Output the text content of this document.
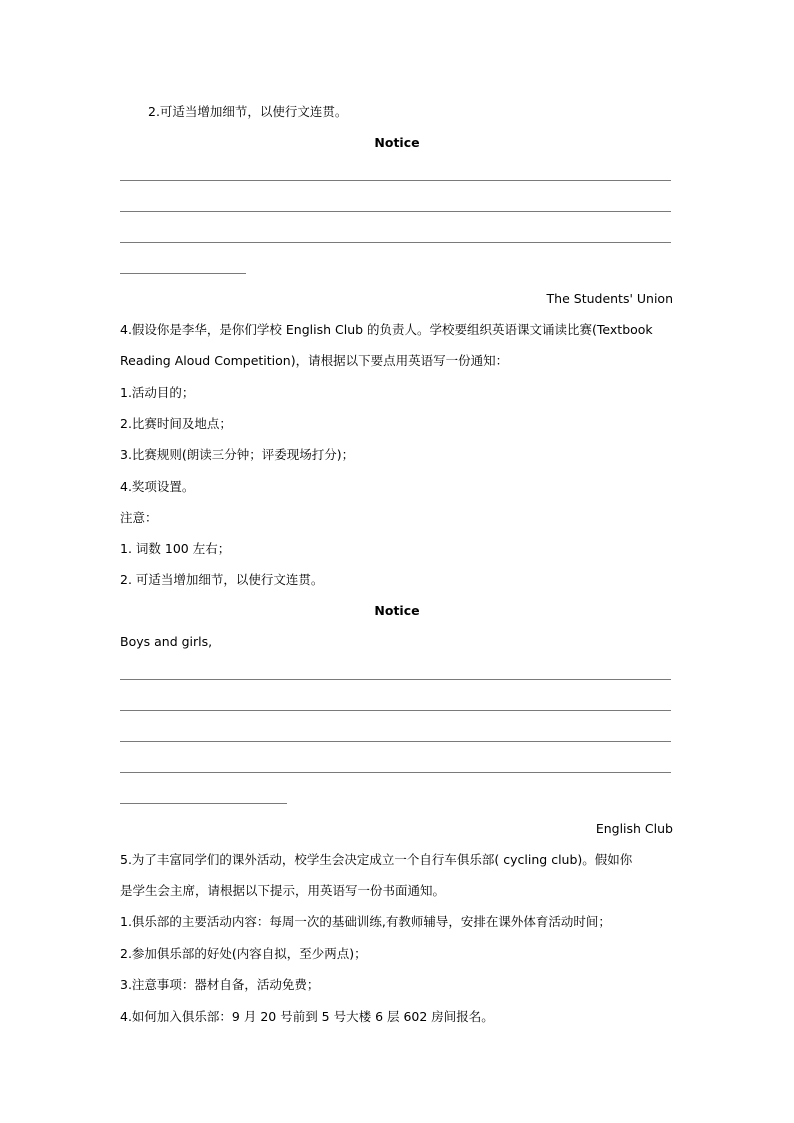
2.可适当增加细节，以使行文连贯。
Notice
The Students' Union
4.假设你是李华，是你们学校 English Club 的负责人。学校要组织英语课文诵读比赛(Textbook
Reading Aloud Competition)，请根据以下要点用英语写一份通知：
1.活动目的；
2.比赛时间及地点；
3.比赛规则(朗读三分钟；评委现场打分)；
4.奖项设置。
注意：
1. 词数 100 左右；
2. 可适当增加细节，以使行文连贯。
Notice
Boys and girls,
English Club
5.为了丰富同学们的课外活动，校学生会决定成立一个自行车俱乐部( cycling club)。假如你
是学生会主席，请根据以下提示，用英语写一份书面通知。
1.俱乐部的主要活动内容：每周一次的基础训练,有教师辅导，安排在课外体育活动时间；
2.参加俱乐部的好处(内容自拟，至少两点)；
3.注意事项：器材自备，活动免费；
4.如何加入俱乐部：9 月 20 号前到 5 号大楼 6 层 602 房间报名。
